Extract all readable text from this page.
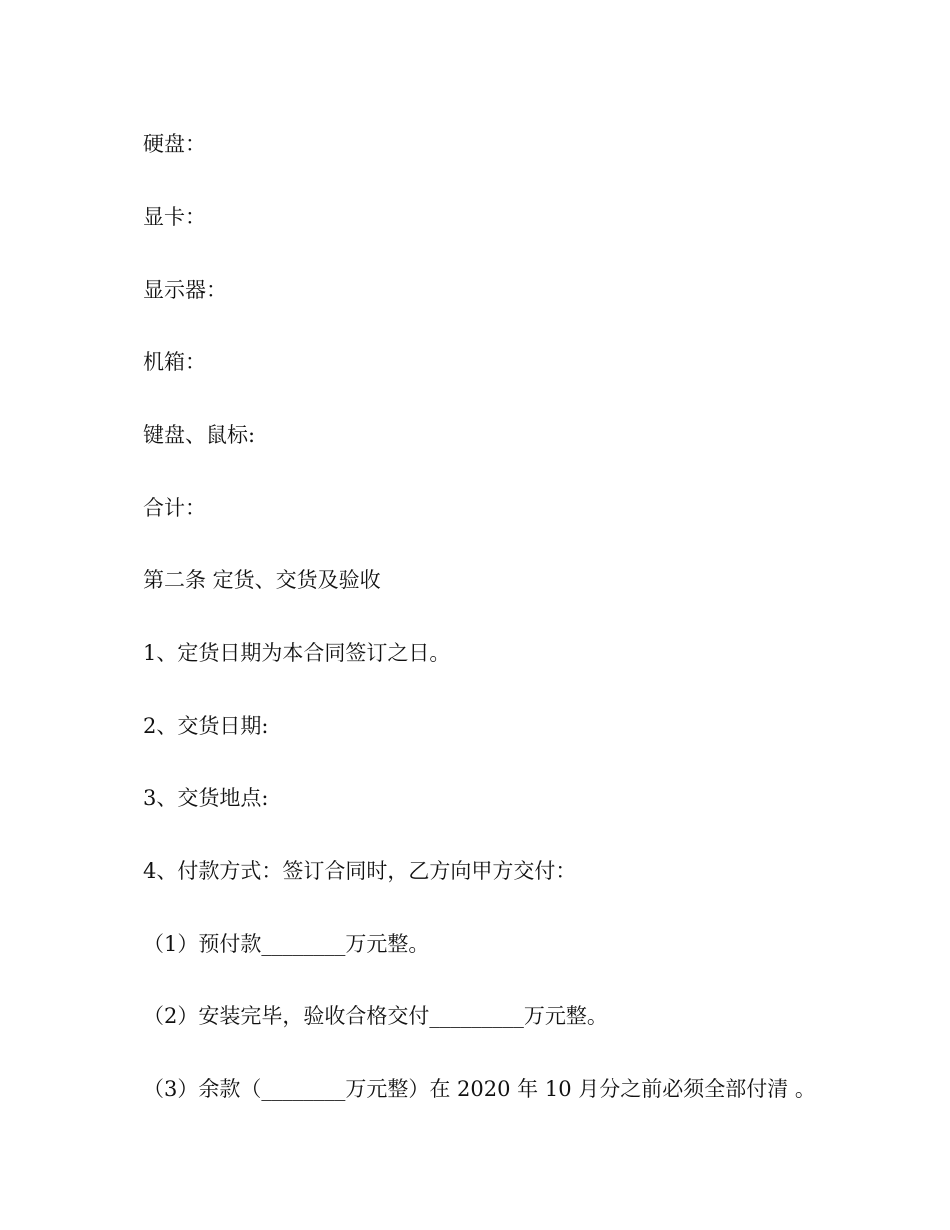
硬盘：
显卡：
显示器：
机箱：
键盘、鼠标:
合计：
第二条 定货、交货及验收
1、定货日期为本合同签订之日。
2、交货日期:
3、交货地点:
4、付款方式：签订合同时，乙方向甲方交付：
（1）预付款________万元整。
（2）安装完毕，验收合格交付_________万元整。
（3）余款（________万元整）在 2020 年 10 月分之前必须全部付清 。
